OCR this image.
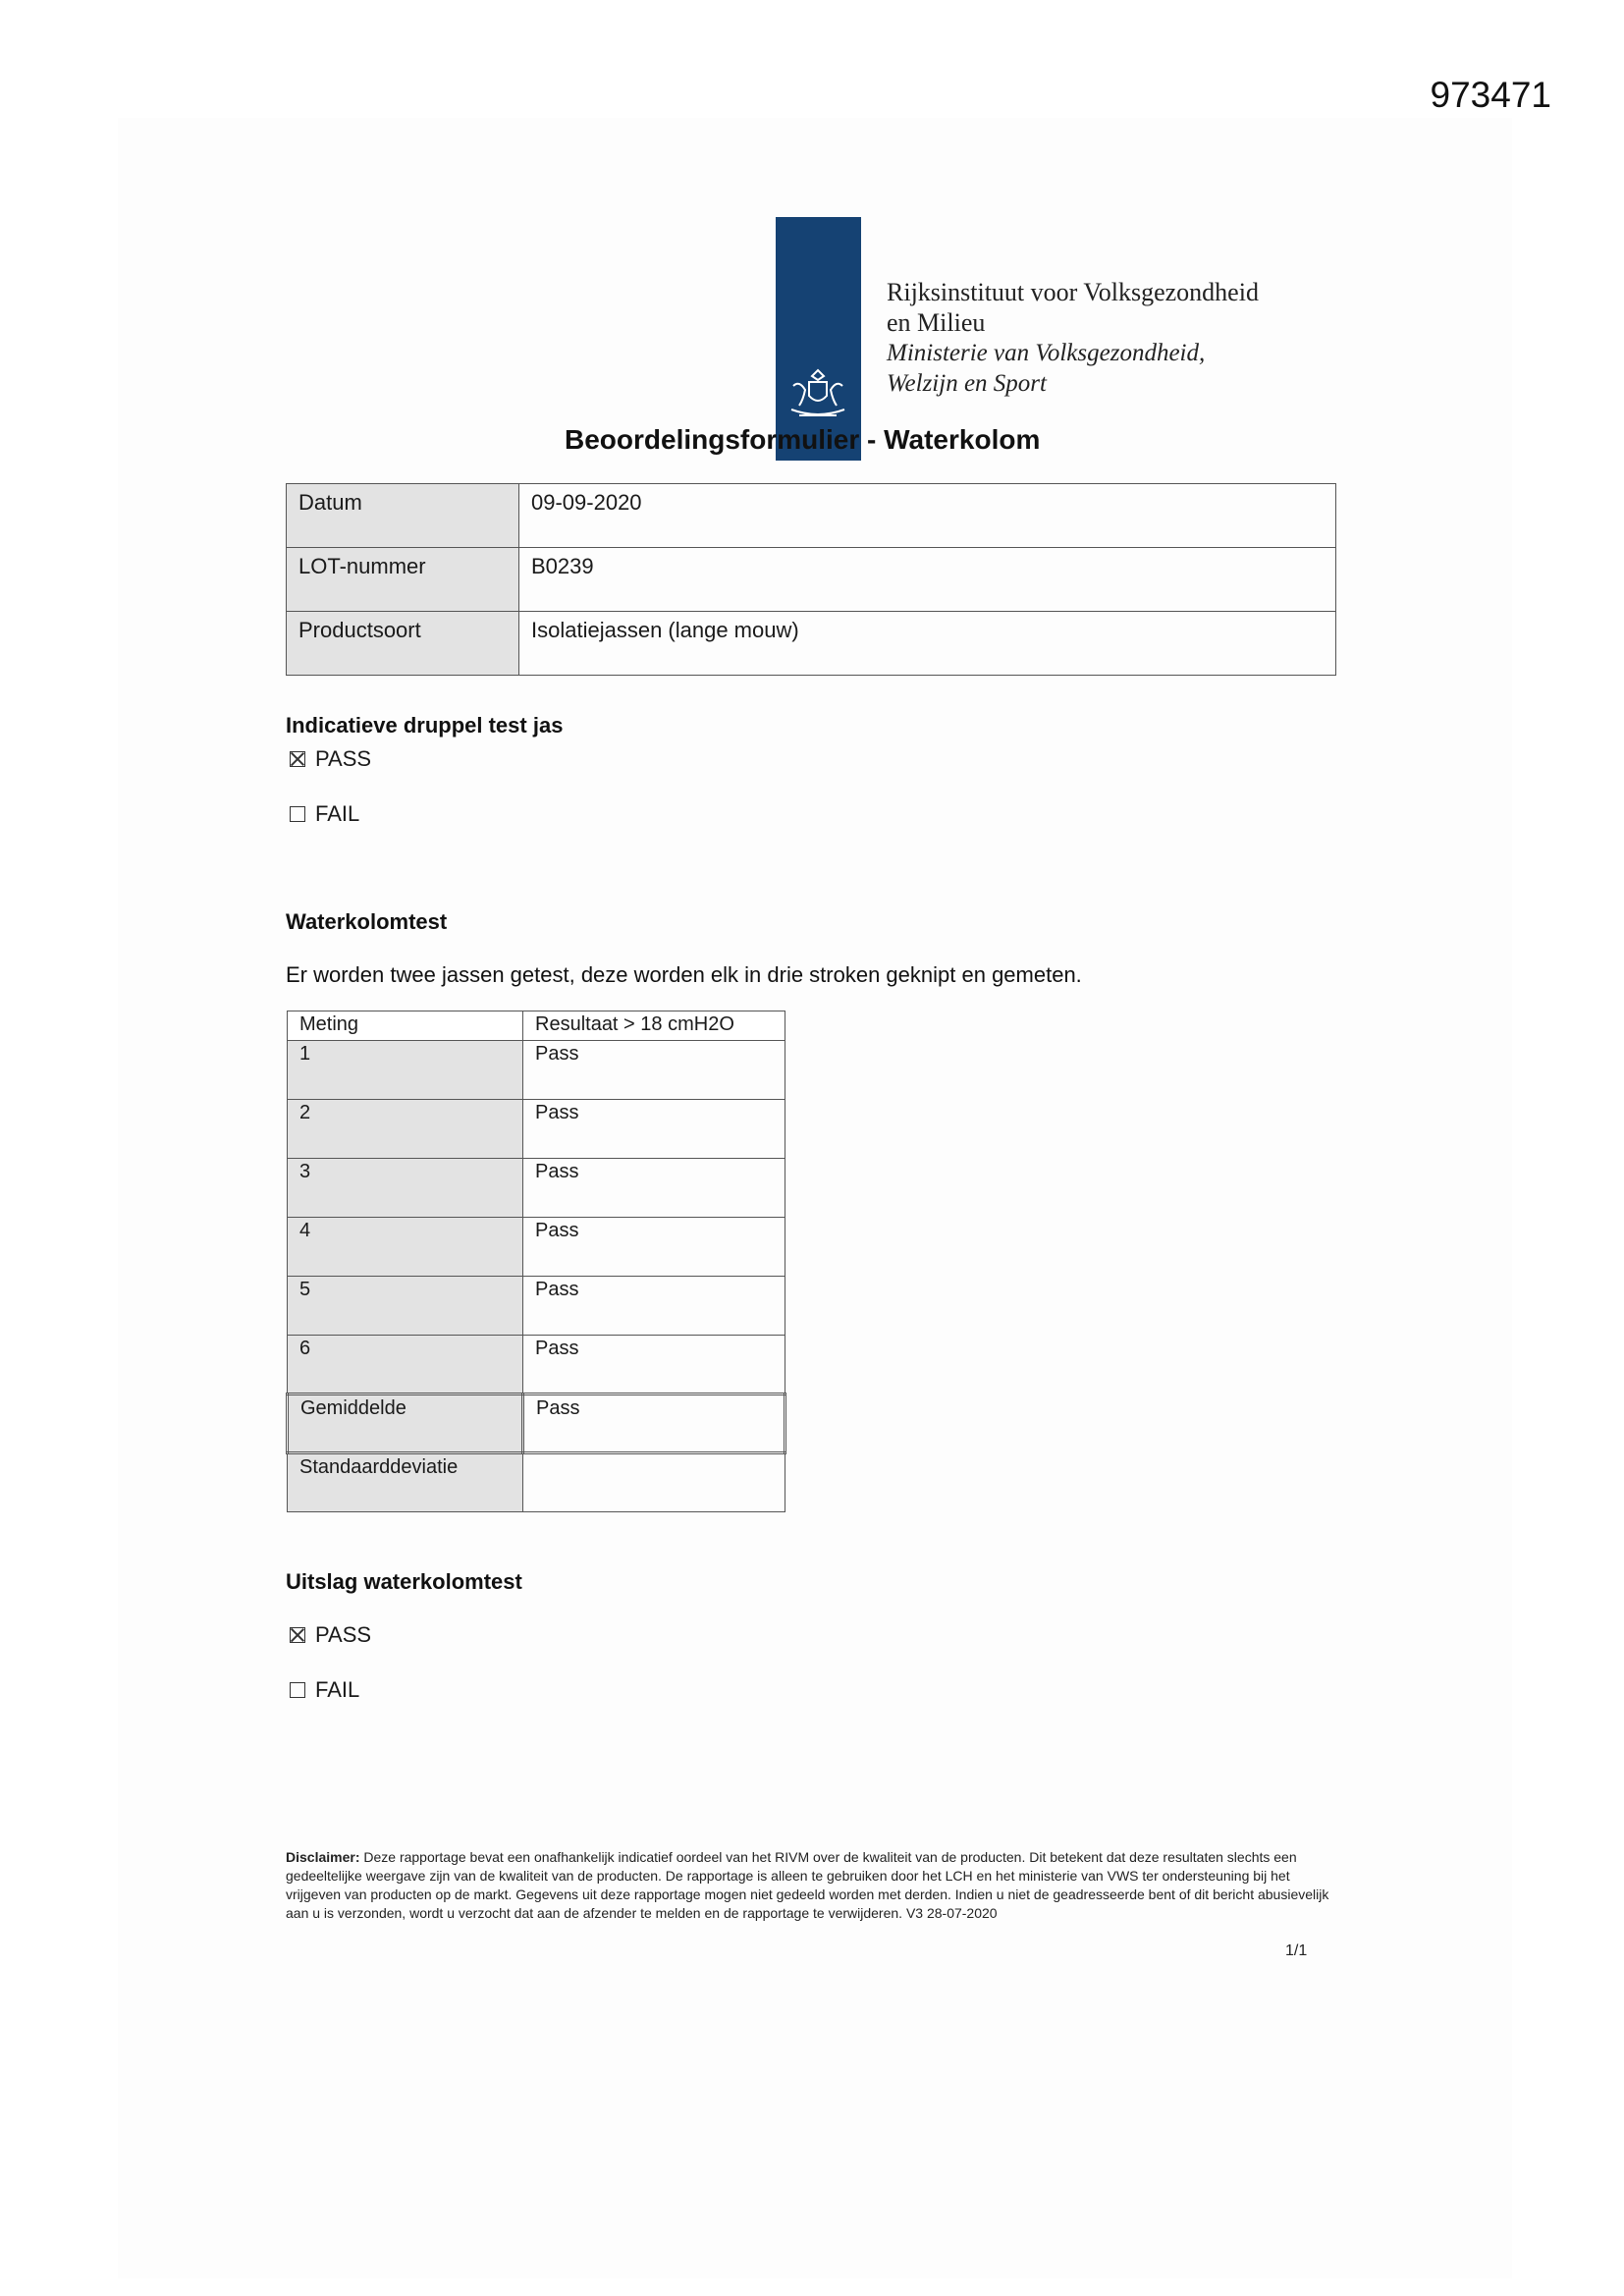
973471
Rijksinstituut voor Volksgezondheid
en Milieu
Ministerie van Volksgezondheid,
Welzijn en Sport
Beoordelingsformulier - Waterkolom
Datum	09-09-2020
LOT-nummer	B0239
Productsoort	Isolatiejassen (lange mouw)
Indicatieve druppel test jas
PASS
FAIL
Waterkolomtest
Er worden twee jassen getest, deze worden elk in drie stroken geknipt en gemeten.
Meting	Resultaat > 18 cmH2O
1	Pass
2	Pass
3	Pass
4	Pass
5	Pass
6	Pass
Gemiddelde	Pass
Standaarddeviatie	
Uitslag waterkolomtest
PASS
FAIL
Disclaimer: Deze rapportage bevat een onafhankelijk indicatief oordeel van het RIVM over de kwaliteit van de producten. Dit betekent dat deze resultaten slechts een gedeeltelijke weergave zijn van de kwaliteit van de producten. De rapportage is alleen te gebruiken door het LCH en het ministerie van VWS ter ondersteuning bij het vrijgeven van producten op de markt. Gegevens uit deze rapportage mogen niet gedeeld worden met derden. Indien u niet de geadresseerde bent of dit bericht abusievelijk aan u is verzonden, wordt u verzocht dat aan de afzender te melden en de rapportage te verwijderen. V3 28-07-2020
1/1
